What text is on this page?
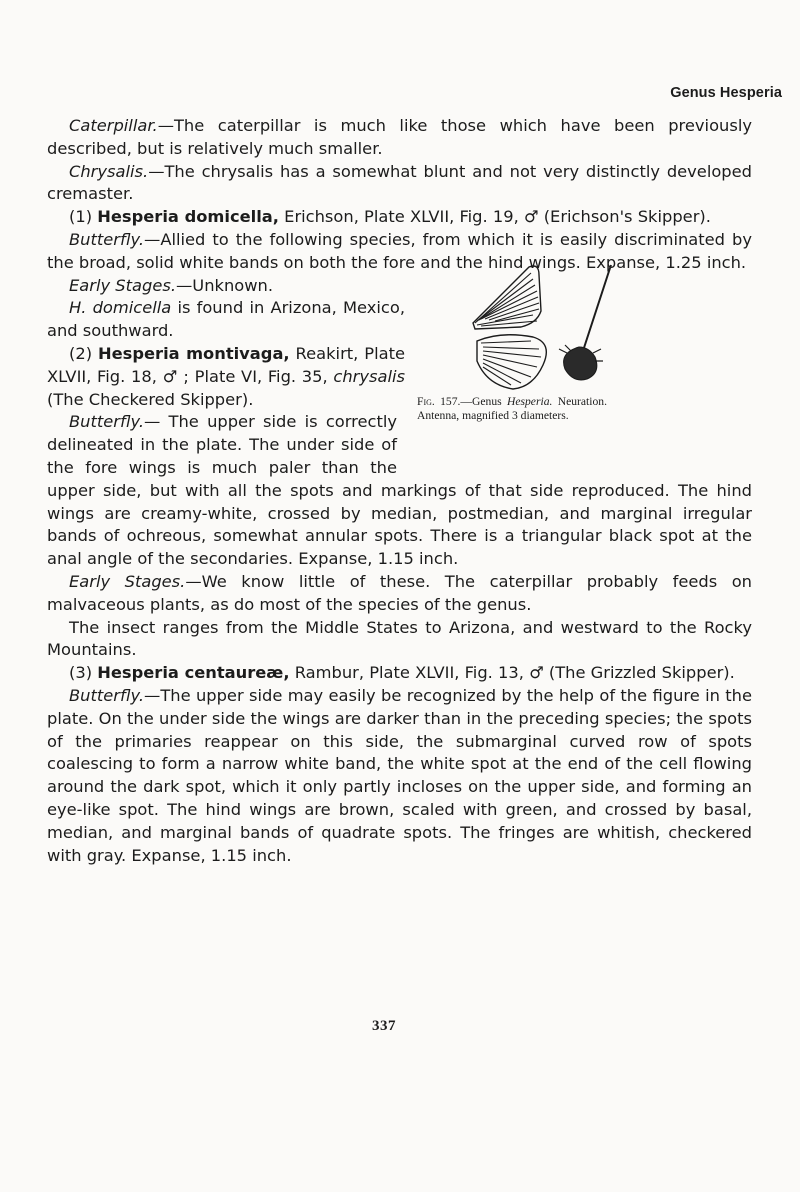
Genus Hesperia

Caterpillar.—The caterpillar is much like those which have been previously described, but is relatively much smaller.

Chrysalis.—The chrysalis has a somewhat blunt and not very distinctly developed cremaster.

(1) Hesperia domicella, Erichson, Plate XLVII, Fig. 19, ♂ (Erichson's Skipper).

Butterfly.—Allied to the following species, from which it is easily discriminated by the broad, solid white bands on both the fore and the hind wings. Expanse, 1.25 inch.

Early Stages.—Unknown.

H. domicella is found in Arizona, Mexico, and southward.

(2) Hesperia montivaga, Reakirt, Plate XLVII, Fig. 18, ♂ ; Plate VI, Fig. 35, chrysalis (The Checkered Skipper).	Fig. 157.—Genus Hesperia. Neuration. Antenna, magnified 3 diameters.

Butterfly.— The upper side is correctly delineated in the plate. The under side of the fore wings is much paler than the upper side, but with all the spots and markings of that side reproduced. The hind wings are creamy-white, crossed by median, postmedian, and marginal irregular bands of ochreous, somewhat annular spots. There is a triangular black spot at the anal angle of the secondaries. Expanse, 1.15 inch.

Early Stages.—We know little of these. The caterpillar probably feeds on malvaceous plants, as do most of the species of the genus.

The insect ranges from the Middle States to Arizona, and westward to the Rocky Mountains.

(3) Hesperia centaureæ, Rambur, Plate XLVII, Fig. 13, ♂ (The Grizzled Skipper).

Butterfly.—The upper side may easily be recognized by the help of the figure in the plate. On the under side the wings are darker than in the preceding species; the spots of the primaries reappear on this side, the submarginal curved row of spots coalescing to form a narrow white band, the white spot at the end of the cell flowing around the dark spot, which it only partly incloses on the upper side, and forming an eye-like spot. The hind wings are brown, scaled with green, and crossed by basal, median, and marginal bands of quadrate spots. The fringes are whitish, checkered with gray. Expanse, 1.15 inch.

337
